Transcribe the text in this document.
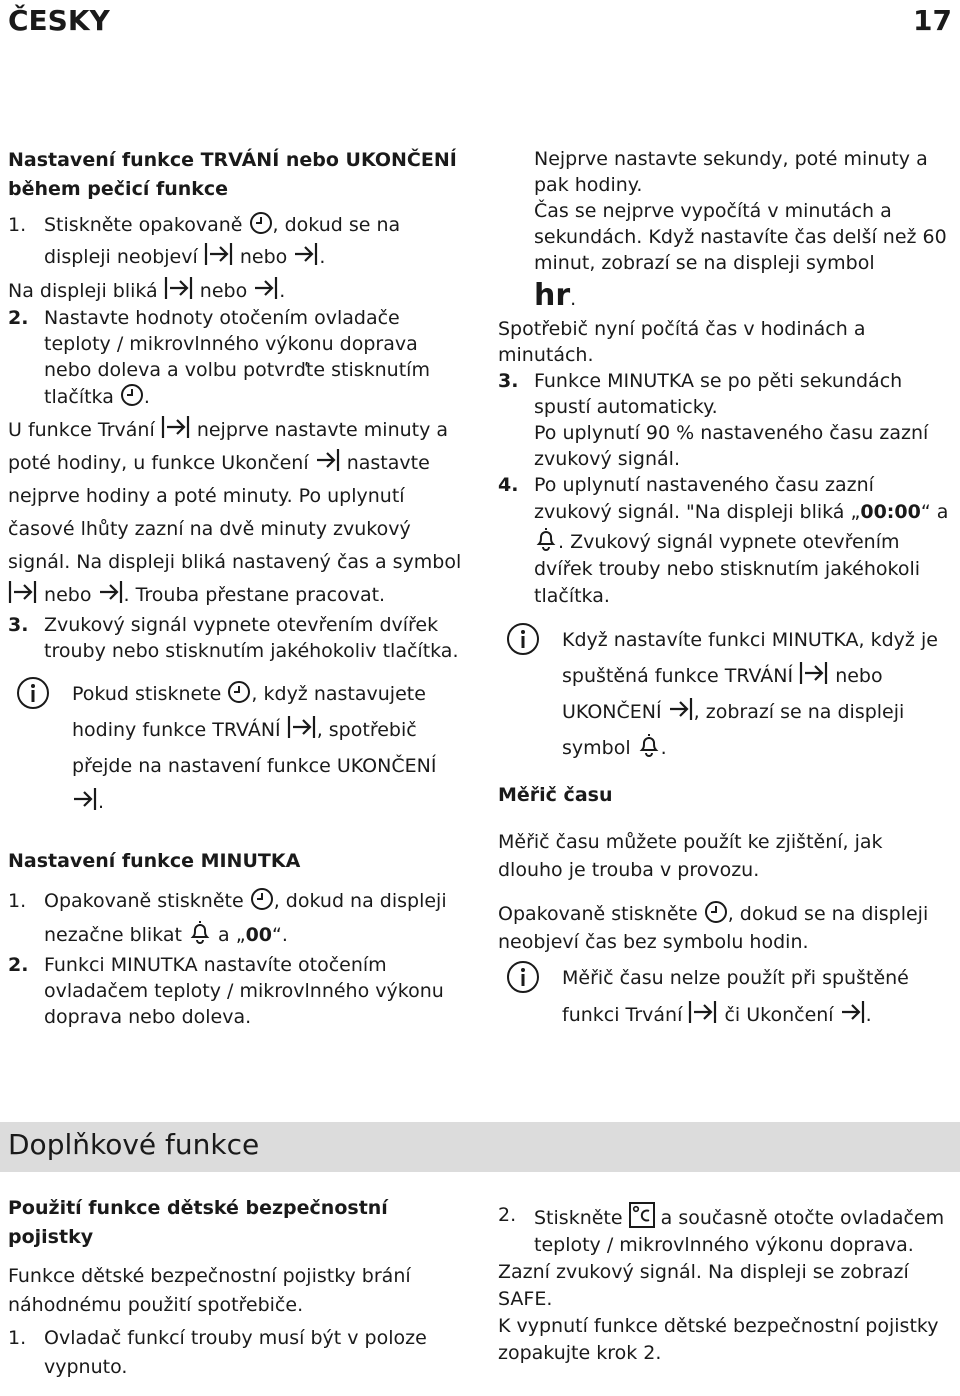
ČESKY	17

Nastavení funkce TRVÁNÍ nebo UKONČENÍ během pečicí funkce

1. Stiskněte opakovaně , dokud se na displeji neobjeví nebo .

Na displeji bliká nebo .

2. Nastavte hodnoty otočením ovladače teploty / mikrovlnného výkonu doprava nebo doleva a volbu potvrďte stisknutím tlačítka .

U funkce Trvání nejprve nastavte minuty a poté hodiny, u funkce Ukončení nastavte nejprve hodiny a poté minuty. Po uplynutí časové lhůty zazní na dvě minuty zvukový signál. Na displeji bliká nastavený čas a symbol
nebo . Trouba přestane pracovat.

3. Zvukový signál vypnete otevřením dvířek trouby nebo stisknutím jakéhokoliv tlačítka.
Pokud stisknete , když nastavujete hodiny funkce TRVÁNÍ , spotřebič přejde na nastavení funkce UKONČENÍ
.

Nastavení funkce MINUTKA

1. Opakovaně stiskněte , dokud na displeji nezačne blikat a „00“.
2. Funkci MINUTKA nastavíte otočením ovladačem teploty / mikrovlnného výkonu doprava nebo doleva.

Nejprve nastavte sekundy, poté minuty a pak hodiny.

Čas se nejprve vypočítá v minutách a sekundách. Když nastavíte čas delší než 60 minut, zobrazí se na displeji symbol
hr.

Spotřebič nyní počítá čas v hodinách a minutách.

3. Funkce MINUTKA se po pěti sekundách spustí automaticky.

Po uplynutí 90 % nastaveného času zazní zvukový signál.

4. Po uplynutí nastaveného času zazní zvukový signál. "Na displeji bliká „00:00“ a
. Zvukový signál vypnete otevřením dvířek trouby nebo stisknutím jakéhokoli tlačítka.
Když nastavíte funkci MINUTKA, když je spuštěná funkce TRVÁNÍ nebo UKONČENÍ , zobrazí se na displeji symbol .

Měřič času

Měřič času můžete použít ke zjištění, jak dlouho je trouba v provozu.

Opakovaně stiskněte , dokud se na displeji neobjeví čas bez symbolu hodin.

Měřič času nelze použít při spuštěné funkci Trvání či Ukončení .
Doplňkové funkce

Použití funkce dětské bezpečnostní pojistky

Funkce dětské bezpečnostní pojistky brání náhodnému použití spotřebiče.

1. Ovladač funkcí trouby musí být v poloze vypnuto.
2. Stiskněte a současně otočte ovladačem teploty / mikrovlnného výkonu doprava.

Zazní zvukový signál. Na displeji se zobrazí SAFE.

K vypnutí funkce dětské bezpečnostní pojistky zopakujte krok 2.
